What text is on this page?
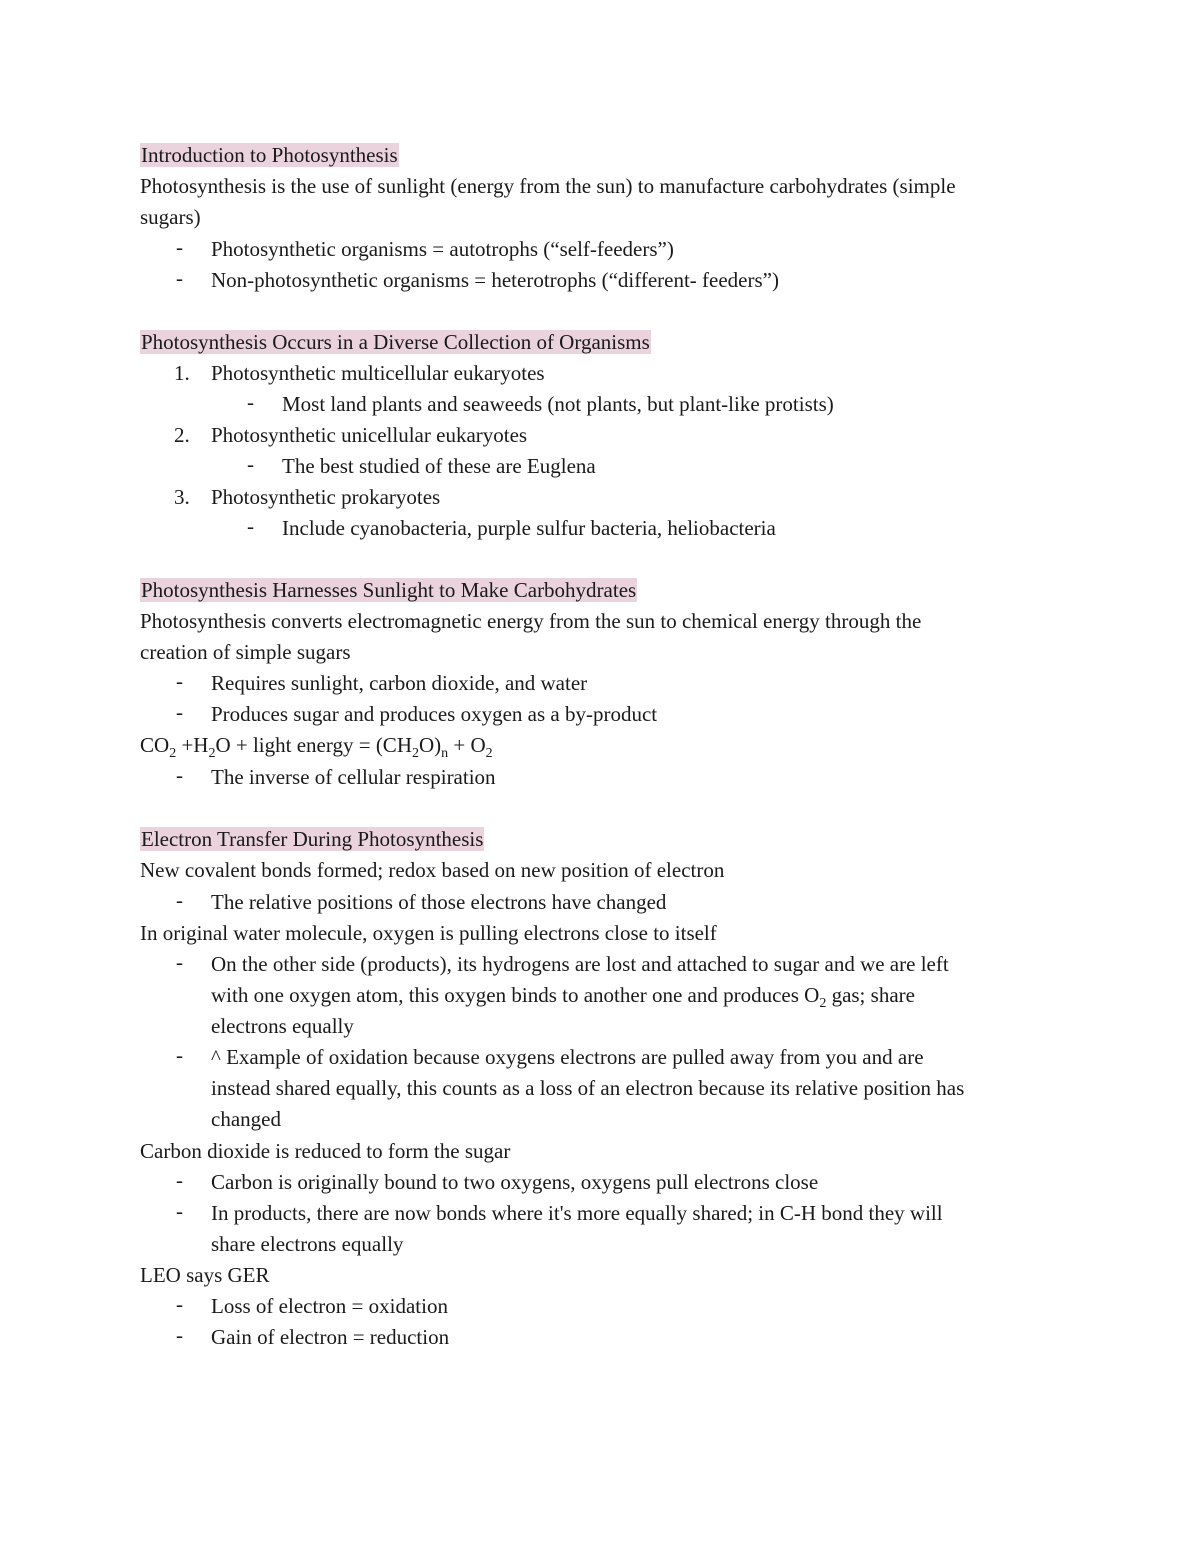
Introduction to Photosynthesis
Photosynthesis is the use of sunlight (energy from the sun) to manufacture carbohydrates (simple
sugars)
- Photosynthetic organisms = autotrophs (“self-feeders”)
- Non-photosynthetic organisms = heterotrophs (“different- feeders”)
Photosynthesis Occurs in a Diverse Collection of Organisms
1. Photosynthetic multicellular eukaryotes
- Most land plants and seaweeds (not plants, but plant-like protists)
2. Photosynthetic unicellular eukaryotes
- The best studied of these are Euglena
3. Photosynthetic prokaryotes
- Include cyanobacteria, purple sulfur bacteria, heliobacteria
Photosynthesis Harnesses Sunlight to Make Carbohydrates
Photosynthesis converts electromagnetic energy from the sun to chemical energy through the
creation of simple sugars
- Requires sunlight, carbon dioxide, and water
- Produces sugar and produces oxygen as a by-product
$CO_2 +H_2O$ + light energy = $(CH_2O)_n + O_2$
- The inverse of cellular respiration
Electron Transfer During Photosynthesis
New covalent bonds formed; redox based on new position of electron
- The relative positions of those electrons have changed
In original water molecule, oxygen is pulling electrons close to itself
- On the other side (products), its hydrogens are lost and attached to sugar and we are left
with one oxygen atom, this oxygen binds to another one and produces $O_2$ gas; share
electrons equally
- ^ Example of oxidation because oxygens electrons are pulled away from you and are
instead shared equally, this counts as a loss of an electron because its relative position has
changed
Carbon dioxide is reduced to form the sugar
- Carbon is originally bound to two oxygens, oxygens pull electrons close
- In products, there are now bonds where it's more equally shared; in C-H bond they will
share electrons equally
LEO says GER
- Loss of electron = oxidation
- Gain of electron = reduction
